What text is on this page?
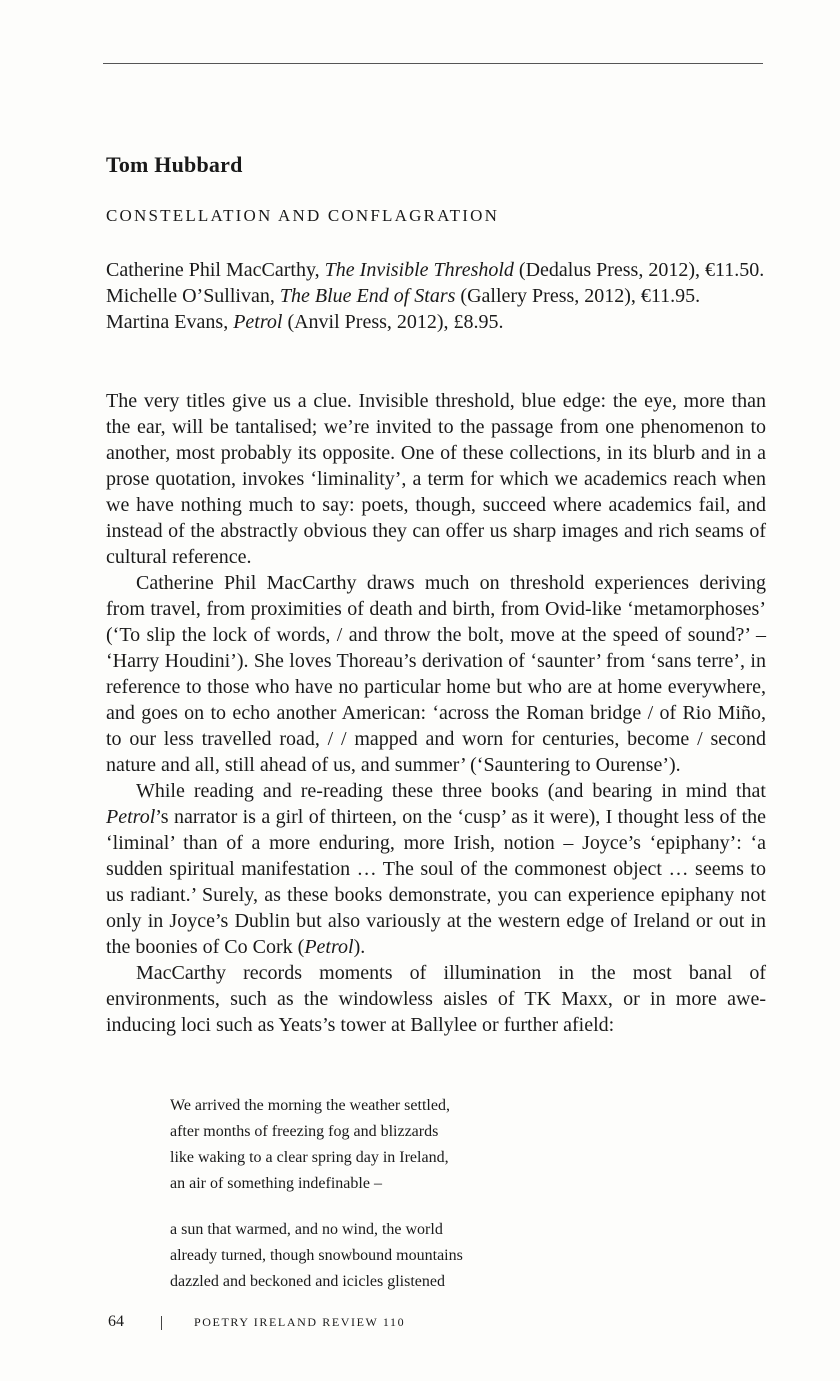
Tom Hubbard
CONSTELLATION AND CONFLAGRATION
Catherine Phil MacCarthy, The Invisible Threshold (Dedalus Press, 2012), €11.50.
Michelle O’Sullivan, The Blue End of Stars (Gallery Press, 2012), €11.95.
Martina Evans, Petrol (Anvil Press, 2012), £8.95.

The very titles give us a clue. Invisible threshold, blue edge: the eye, more than the ear, will be tantalised; we’re invited to the passage from one phenomenon to another, most probably its opposite. One of these collections, in its blurb and in a prose quotation, invokes ‘liminality’, a term for which we academics reach when we have nothing much to say: poets, though, succeed where academics fail, and instead of the abstractly obvious they can offer us sharp images and rich seams of cultural reference.

Catherine Phil MacCarthy draws much on threshold experiences deriving from travel, from proximities of death and birth, from Ovid-like ‘metamorphoses’ (‘To slip the lock of words, / and throw the bolt, move at the speed of sound?’ – ‘Harry Houdini’). She loves Thoreau’s derivation of ‘saunter’ from ‘sans terre’, in reference to those who have no particular home but who are at home everywhere, and goes on to echo another American: ‘across the Roman bridge / of Rio Miño, to our less travelled road, / / mapped and worn for centuries, become / second nature and all, still ahead of us, and summer’ (‘Sauntering to Ourense’).

While reading and re-reading these three books (and bearing in mind that Petrol’s narrator is a girl of thirteen, on the ‘cusp’ as it were), I thought less of the ‘liminal’ than of a more enduring, more Irish, notion – Joyce’s ‘epiphany’: ‘a sudden spiritual manifestation … The soul of the commonest object … seems to us radiant.’ Surely, as these books demonstrate, you can experience epiphany not only in Joyce’s Dublin but also variously at the western edge of Ireland or out in the boonies of Co Cork (Petrol).

MacCarthy records moments of illumination in the most banal of environments, such as the windowless aisles of TK Maxx, or in more awe-inducing loci such as Yeats’s tower at Ballylee or further afield:

We arrived the morning the weather settled,
after months of freezing fog and blizzards
like waking to a clear spring day in Ireland,
an air of something indefinable –
a sun that warmed, and no wind, the world
already turned, though snowbound mountains
dazzled and beckoned and icicles glistened
64	POETRY IRELAND REVIEW 110
